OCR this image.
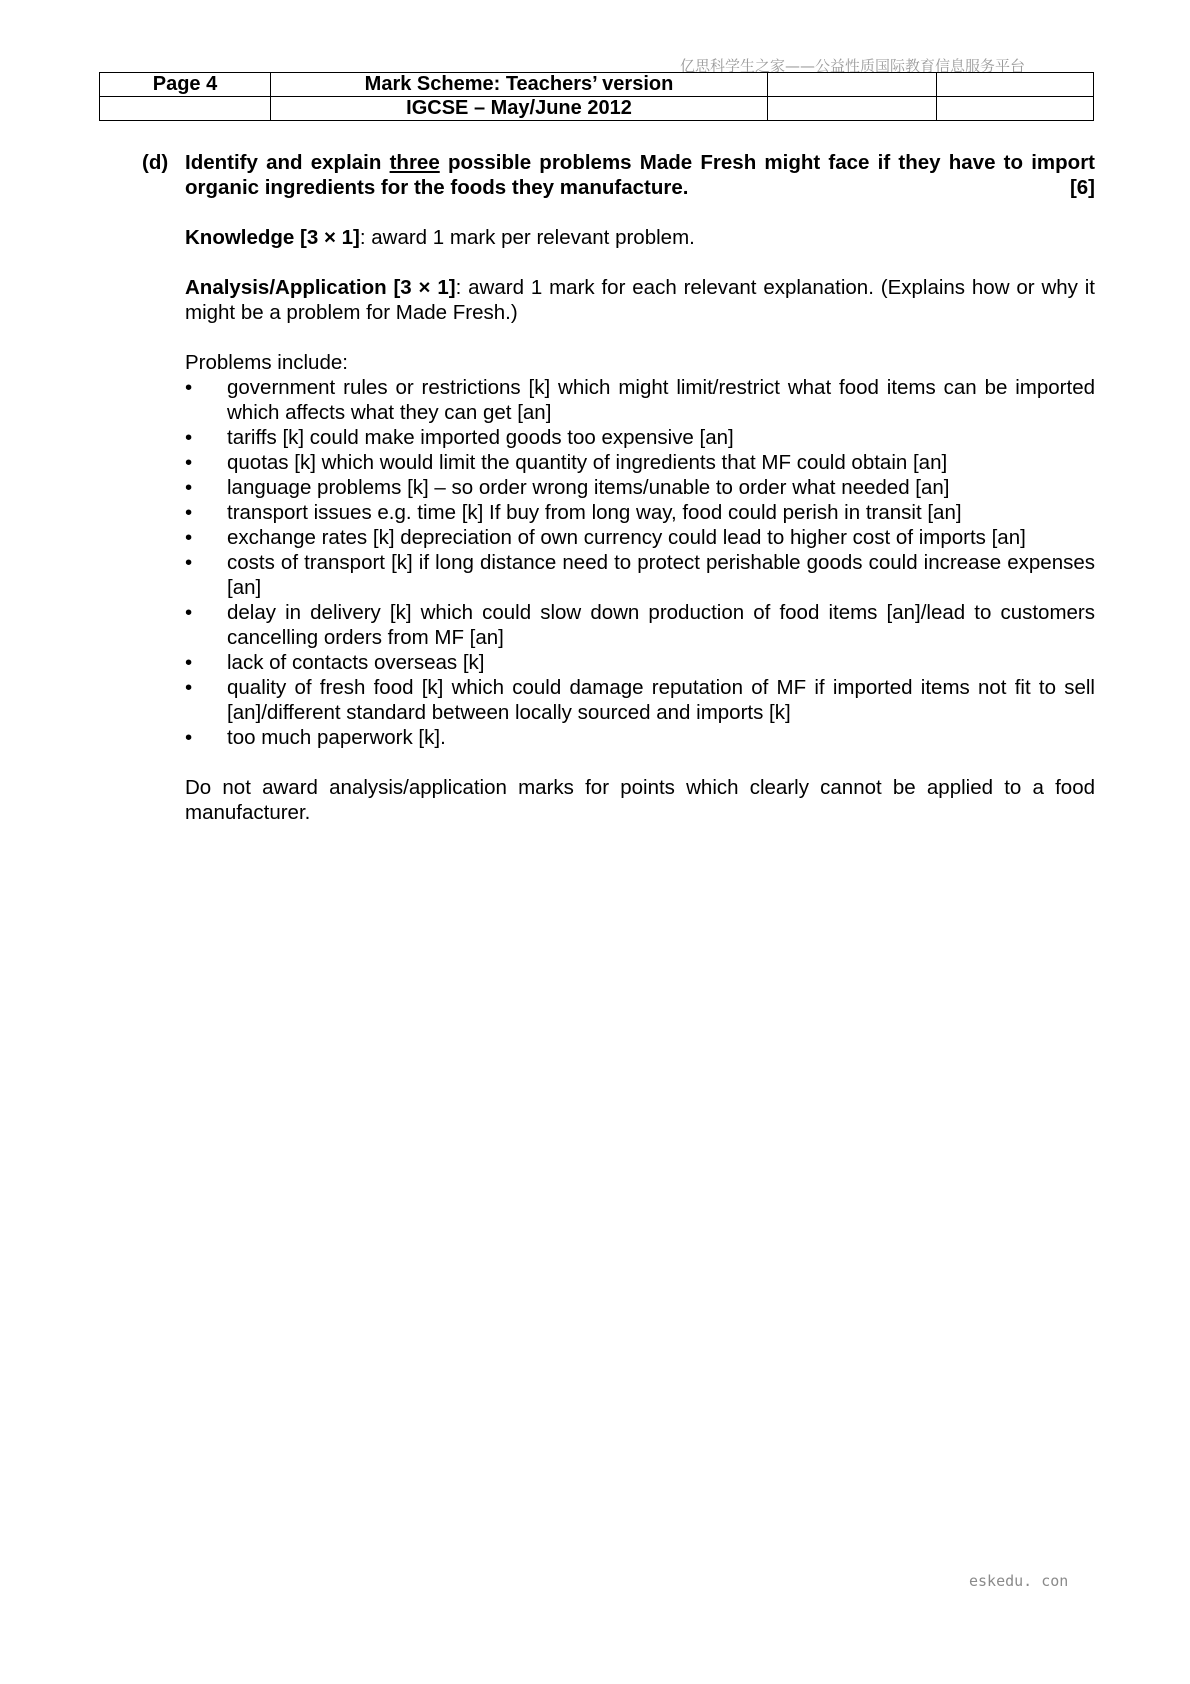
亿思科学生之家——公益性质国际教育信息服务平台
Page 4	Mark Scheme: Teachers’ version		
	IGCSE – May/June 2012		
(d) Identify and explain three possible problems Made Fresh might face if they have to import organic ingredients for the foods they manufacture.	[6]

Knowledge [3 × 1]: award 1 mark per relevant problem.

Analysis/Application [3 × 1]: award 1 mark for each relevant explanation. (Explains how or why it might be a problem for Made Fresh.)

Problems include:

• government rules or restrictions [k] which might limit/restrict what food items can be imported which affects what they can get [an]
• tariffs [k] could make imported goods too expensive [an]
• quotas [k] which would limit the quantity of ingredients that MF could obtain [an]
• language problems [k] – so order wrong items/unable to order what needed [an]
• transport issues e.g. time [k] If buy from long way, food could perish in transit [an]
• exchange rates [k] depreciation of own currency could lead to higher cost of imports [an]
• costs of transport [k] if long distance need to protect perishable goods could increase expenses [an]
• delay in delivery [k] which could slow down production of food items [an]/lead to customers cancelling orders from MF [an]
• lack of contacts overseas [k]
• quality of fresh food [k] which could damage reputation of MF if imported items not fit to sell [an]/different standard between locally sourced and imports [k]
• too much paperwork [k].

Do not award analysis/application marks for points which clearly cannot be applied to a food manufacturer.

eskedu. con
